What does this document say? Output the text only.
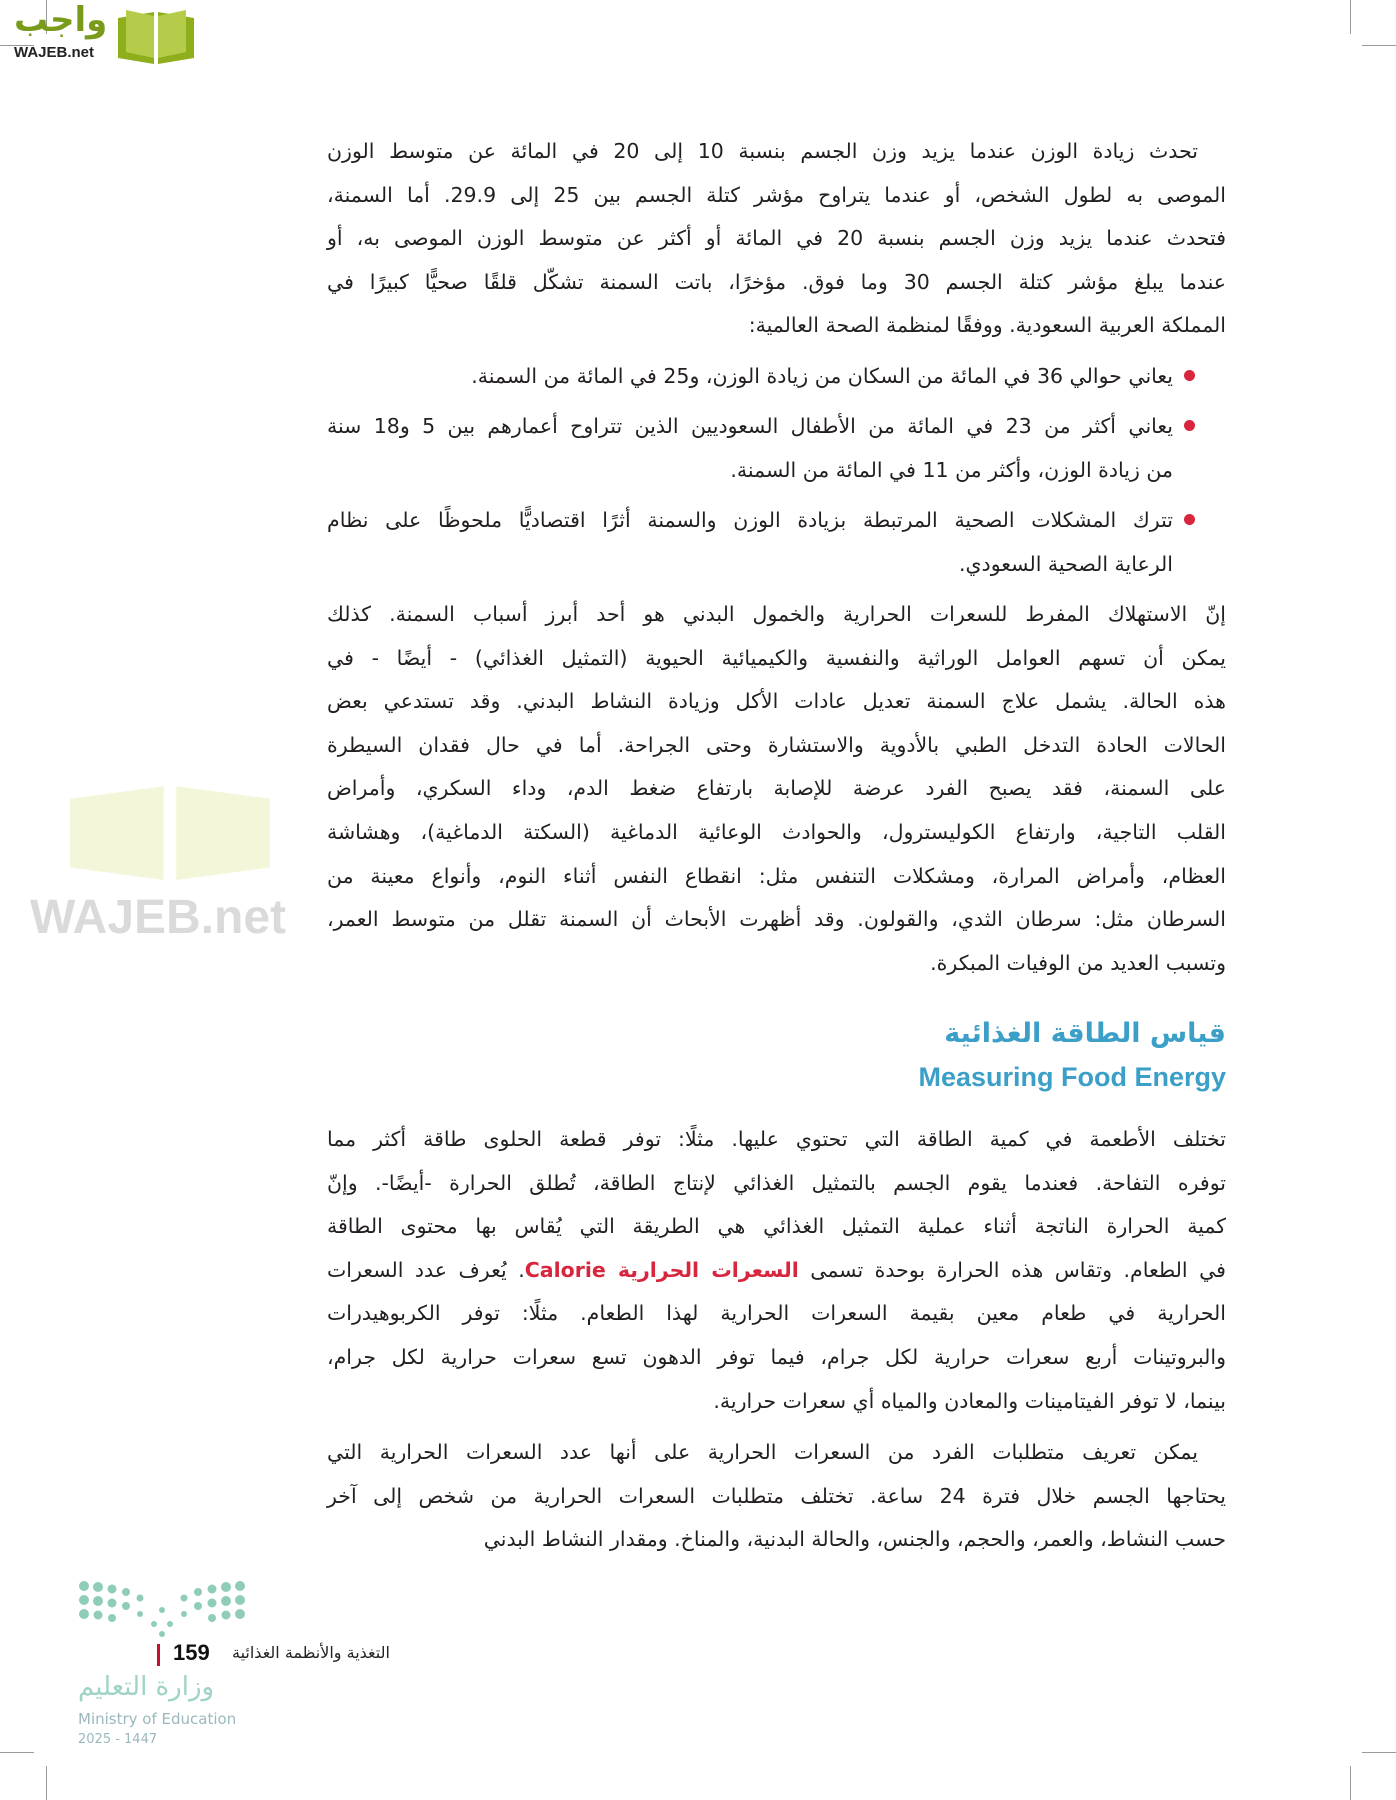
واجب
WAJEB.net
WAJEB.net
تحدث زيادة الوزن عندما يزيد وزن الجسم بنسبة 10 إلى 20 في المائة عن متوسط الوزن
الموصى به لطول الشخص، أو عندما يتراوح مؤشر كتلة الجسم بين 25 إلى 29.9. أما السمنة،
فتحدث عندما يزيد وزن الجسم بنسبة 20 في المائة أو أكثر عن متوسط الوزن الموصى به، أو
عندما يبلغ مؤشر كتلة الجسم 30 وما فوق. مؤخرًا، باتت السمنة تشكّل قلقًا صحيًّا كبيرًا في
المملكة العربية السعودية. ووفقًا لمنظمة الصحة العالمية:
يعاني حوالي 36 في المائة من السكان من زيادة الوزن، و25 في المائة من السمنة.
يعاني أكثر من 23 في المائة من الأطفال السعوديين الذين تتراوح أعمارهم بين 5 و18 سنة
من زيادة الوزن، وأكثر من 11 في المائة من السمنة.
تترك المشكلات الصحية المرتبطة بزيادة الوزن والسمنة أثرًا اقتصاديًّا ملحوظًا على نظام
الرعاية الصحية السعودي.
إنّ الاستهلاك المفرط للسعرات الحرارية والخمول البدني هو أحد أبرز أسباب السمنة. كذلك
يمكن أن تسهم العوامل الوراثية والنفسية والكيميائية الحيوية (التمثيل الغذائي) - أيضًا - في
هذه الحالة. يشمل علاج السمنة تعديل عادات الأكل وزيادة النشاط البدني. وقد تستدعي بعض
الحالات الحادة التدخل الطبي بالأدوية والاستشارة وحتى الجراحة. أما في حال فقدان السيطرة
على السمنة، فقد يصبح الفرد عرضة للإصابة بارتفاع ضغط الدم، وداء السكري، وأمراض
القلب التاجية، وارتفاع الكوليسترول، والحوادث الوعائية الدماغية (السكتة الدماغية)، وهشاشة
العظام، وأمراض المرارة، ومشكلات التنفس مثل: انقطاع النفس أثناء النوم، وأنواع معينة من
السرطان مثل: سرطان الثدي، والقولون. وقد أظهرت الأبحاث أن السمنة تقلل من متوسط العمر،
وتسبب العديد من الوفيات المبكرة.
قياس الطاقة الغذائية
Measuring Food Energy
تختلف الأطعمة في كمية الطاقة التي تحتوي عليها. مثلًا: توفر قطعة الحلوى طاقة أكثر مما
توفره التفاحة. فعندما يقوم الجسم بالتمثيل الغذائي لإنتاج الطاقة، تُطلق الحرارة -أيضًا-. وإنّ
كمية الحرارة الناتجة أثناء عملية التمثيل الغذائي هي الطريقة التي يُقاس بها محتوى الطاقة
في الطعام. وتقاس هذه الحرارة بوحدة تسمى السعرات الحرارية Calorie. يُعرف عدد السعرات
الحرارية في طعام معين بقيمة السعرات الحرارية لهذا الطعام. مثلًا: توفر الكربوهيدرات
والبروتينات أربع سعرات حرارية لكل جرام، فيما توفر الدهون تسع سعرات حرارية لكل جرام،
بينما، لا توفر الفيتامينات والمعادن والمياه أي سعرات حرارية.
يمكن تعريف متطلبات الفرد من السعرات الحرارية على أنها عدد السعرات الحرارية التي
يحتاجها الجسم خلال فترة 24 ساعة. تختلف متطلبات السعرات الحرارية من شخص إلى آخر
حسب النشاط، والعمر، والحجم، والجنس، والحالة البدنية، والمناخ. ومقدار النشاط البدني
وزارة التعليم
Ministry of Education
2025 - 1447
159 التغذية والأنظمة الغذائية
